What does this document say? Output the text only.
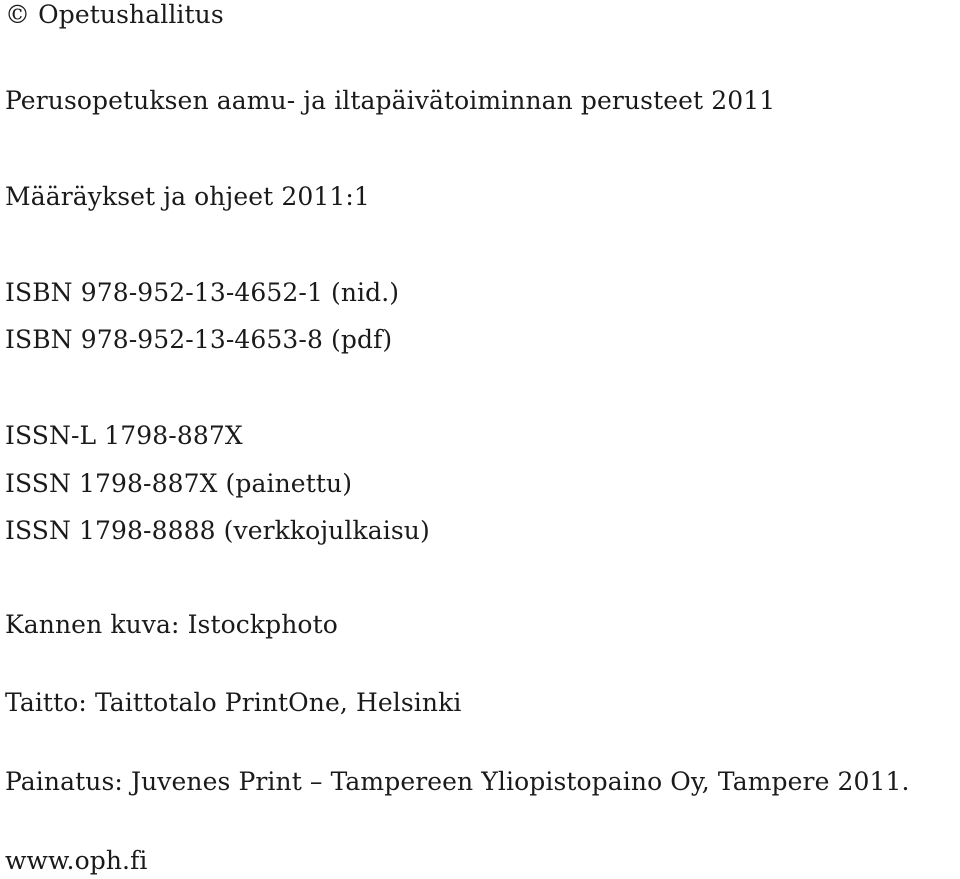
© Opetushallitus
Perusopetuksen aamu- ja iltapäivätoiminnan perusteet 2011
Määräykset ja ohjeet 2011:1
ISBN 978-952-13-4652-1 (nid.)
ISBN 978-952-13-4653-8 (pdf)
ISSN-L 1798-887X
ISSN 1798-887X (painettu)
ISSN 1798-8888 (verkkojulkaisu)
Kannen kuva: Istockphoto
Taitto: Taittotalo PrintOne, Helsinki
Painatus: Juvenes Print – Tampereen Yliopistopaino Oy, Tampere 2011.
www.oph.fi
